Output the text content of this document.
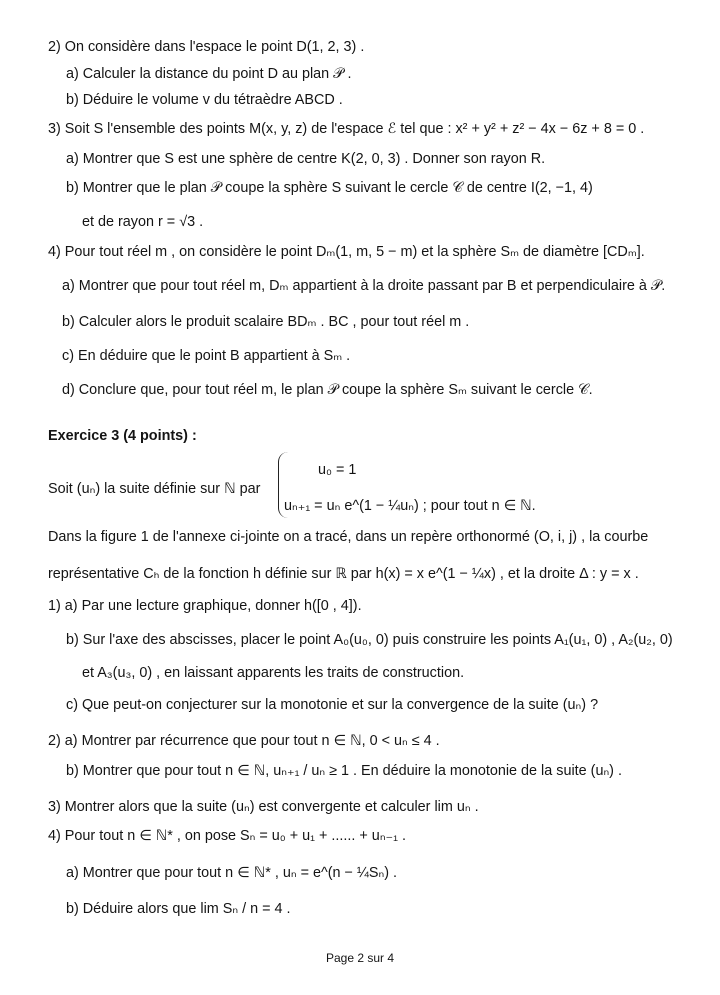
2) On considère dans l'espace le point D(1, 2, 3) .
a) Calculer la distance du point D au plan 𝒫 .
b) Déduire le volume v du tétraèdre ABCD .
3) Soit S l'ensemble des points M(x, y, z) de l'espace ℰ tel que : x² + y² + z² − 4x − 6z + 8 = 0 .
a) Montrer que S est une sphère de centre K(2, 0, 3) . Donner son rayon R.
b) Montrer que le plan 𝒫 coupe la sphère S suivant le cercle 𝒞 de centre I(2, −1, 4)
et de rayon r = √3 .
4) Pour tout réel m , on considère le point Dₘ(1, m, 5 − m) et la sphère Sₘ de diamètre [CDₘ].
a) Montrer que pour tout réel m, Dₘ appartient à la droite passant par B et perpendiculaire à 𝒫.
b) Calculer alors le produit scalaire BDₘ . BC , pour tout réel m .
c) En déduire que le point B appartient à Sₘ .
d) Conclure que, pour tout réel m, le plan 𝒫 coupe la sphère Sₘ suivant le cercle 𝒞.
Exercice 3 (4 points) :
Soit (uₙ) la suite définie sur ℕ par
u₀ = 1
uₙ₊₁ = uₙ e^(1 − ¼uₙ) ; pour tout n ∈ ℕ.
Dans la figure 1 de l'annexe ci-jointe on a tracé, dans un repère orthonormé (O, i, j) , la courbe
représentative Cₕ de la fonction h définie sur ℝ par h(x) = x e^(1 − ¼x) , et la droite Δ : y = x .
1) a) Par une lecture graphique, donner h([0 , 4]).
b) Sur l'axe des abscisses, placer le point A₀(u₀, 0) puis construire les points A₁(u₁, 0) , A₂(u₂, 0)
et A₃(u₃, 0) , en laissant apparents les traits de construction.
c) Que peut-on conjecturer sur la monotonie et sur la convergence de la suite (uₙ) ?
2) a) Montrer par récurrence que pour tout n ∈ ℕ, 0 < uₙ ≤ 4 .
b) Montrer que pour tout n ∈ ℕ, uₙ₊₁ / uₙ ≥ 1 . En déduire la monotonie de la suite (uₙ) .
3) Montrer alors que la suite (uₙ) est convergente et calculer lim uₙ .
4) Pour tout n ∈ ℕ* , on pose Sₙ = u₀ + u₁ + ...... + uₙ₋₁ .
a) Montrer que pour tout n ∈ ℕ* , uₙ = e^(n − ¼Sₙ) .
b) Déduire alors que lim Sₙ / n = 4 .
Page 2 sur 4
